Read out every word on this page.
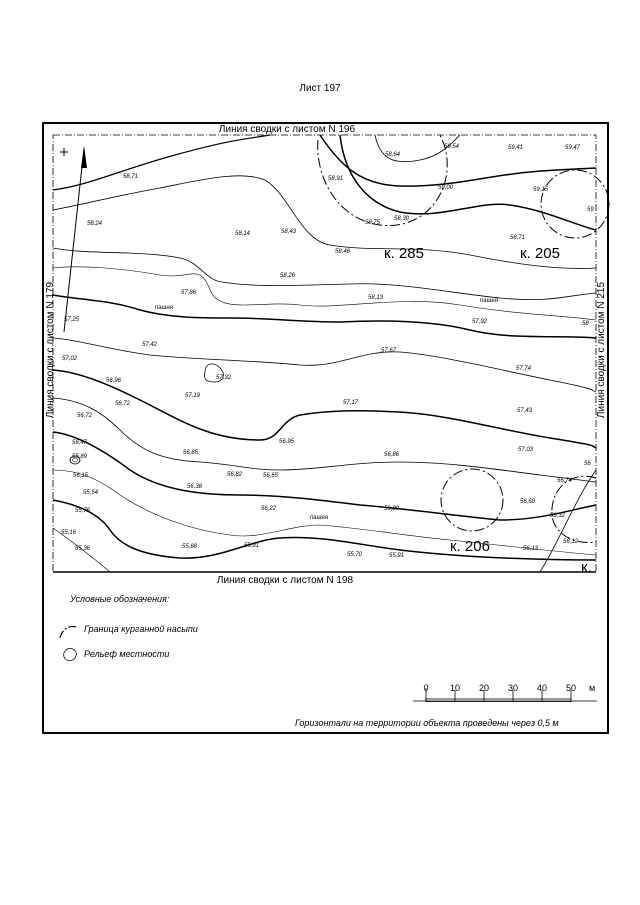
Лист 197
Линия сводки с листом N 196
Линия сводки с листом N 198
Линия сводки с листом N 179	Линия сводки с листом N 215
к. 285	к. 205
к. 206
к.
пашня
пашня
пашня
58,64
59,54	59,41	59,47
58,71	58,91
59,00	59,15
59
58,24	58,75
58,30
58,14	58,43
58,46
58,71
58,26
57,86
58,13
57,25
57,42
57,92	58
57,02
57,67
57,74
56,96	57,32
57,19
56,72	57,17
57,43
56,72
56,47
55,89
56,95
56,85	56,86
57,03
56,15	56,82	56,65
56,38
56,74
55,54
56,22	56,39
56,60
55,76
56,32
56,12
55,16
55,36	55,88	55,91
55,70	55,91
56,13
56
Условные обозначения:
Граница курганной насыпи
Рельеф местности
0 10 20 30 40 50 м
Горизонтали на территории объекта проведены через 0,5 м
